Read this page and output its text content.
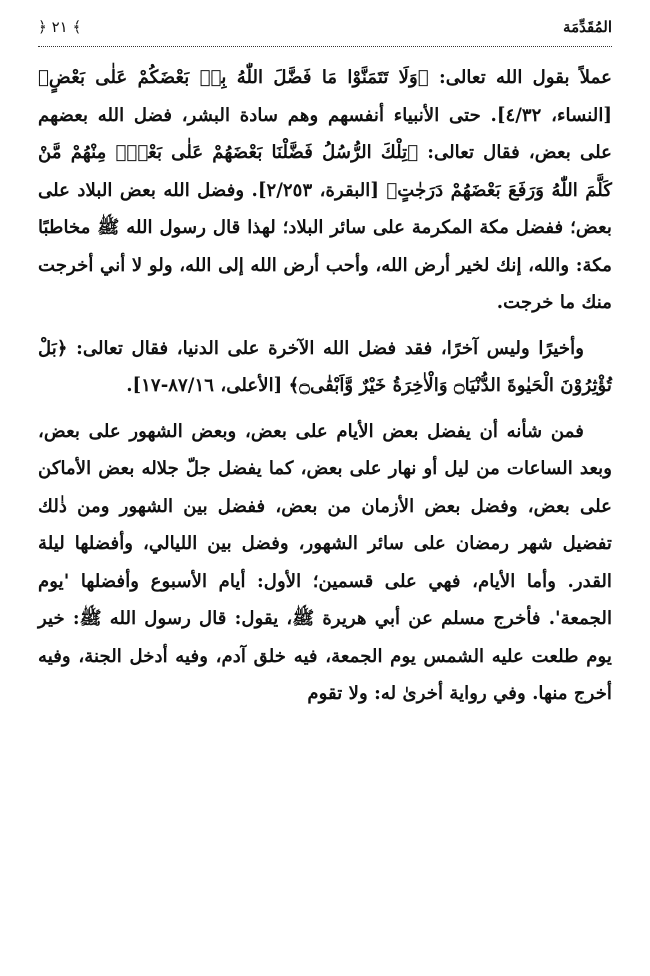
المُقَدِّمَة
﴾ ٢١ ﴿

عملاً بقول الله تعالى: ﴿وَلَا تَتَمَنَّوْا مَا فَضَّلَ اللّٰهُ بِهٖ بَعْضَكُمْ عَلٰى بَعْضٍ﴾ [النساء، ٤/٣٢]. حتى الأنبياء أنفسهم وهم سادة البشر، فضل الله بعضهم على بعض، فقال تعالى: ﴿تِلْكَ الرُّسُلُ فَضَّلْنَا بَعْضَهُمْ عَلٰى بَعْضٍۘ مِنْهُمْ مَّنْ كَلَّمَ اللّٰهُ وَرَفَعَ بَعْضَهُمْ دَرَجٰتٍ﴾ [البقرة، ٢/٢٥٣]. وفضل الله بعض البلاد على بعض؛ ففضل مكة المكرمة على سائر البلاد؛ لهذا قال رسول الله ﷺ مخاطبًا مكة: والله، إنك لخير أرض الله، وأحب أرض الله إلى الله، ولو لا أني أخرجت منك ما خرجت.

وأخيرًا وليس آخرًا، فقد فضل الله الآخرة على الدنيا، فقال تعالى: ﴿بَلْ تُؤْثِرُوْنَ الْحَيٰوةَ الدُّنْيَا۝ وَالْاٰخِرَةُ خَيْرٌ وَّاَبْقٰى۝﴾ [الأعلى، ٨٧/١٦-١٧].

فمن شأنه أن يفضل بعض الأيام على بعض، وبعض الشهور على بعض، وبعد الساعات من ليل أو نهار على بعض، كما يفضل جلّ جلاله بعض الأماكن على بعض، وفضل بعض الأزمان من بعض، ففضل بين الشهور ومن ذٰلك تفضيل شهر رمضان على سائر الشهور، وفضل بين الليالي، وأفضلها ليلة القدر. وأما الأيام، فهي على قسمين؛ الأول: أيام الأسبوع وأفضلها 'يوم الجمعة'. فأخرج مسلم عن أبي هريرة ﷺ، يقول: قال رسول الله ﷺ: خير يوم طلعت عليه الشمس يوم الجمعة، فيه خلق آدم، وفيه أدخل الجنة، وفيه أخرج منها. وفي رواية أخرىٰ له: ولا تقوم
